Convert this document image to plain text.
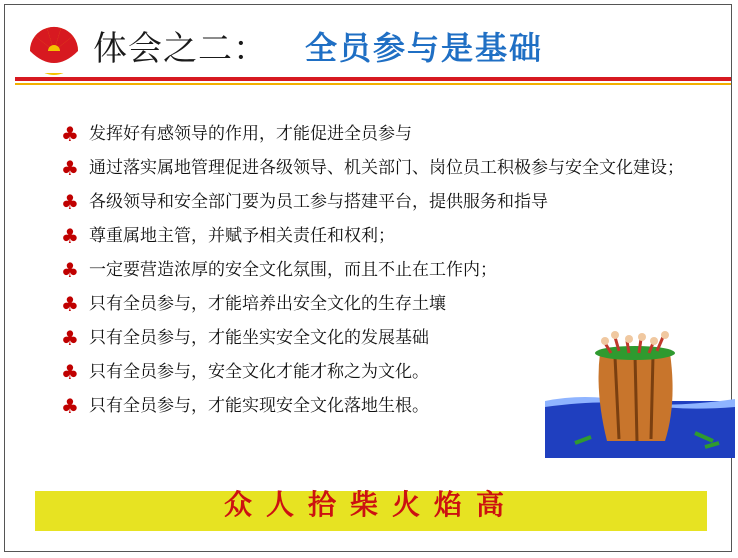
体会之二： 全员参与是基础
♣ 发挥好有感领导的作用，才能促进全员参与
♣ 通过落实属地管理促进各级领导、机关部门、岗位员工积极参与安全文化建设；
♣ 各级领导和安全部门要为员工参与搭建平台，提供服务和指导
♣ 尊重属地主管，并赋予相关责任和权利；
♣ 一定要营造浓厚的安全文化氛围，而且不止在工作内；
♣ 只有全员参与，才能培养出安全文化的生存土壤
♣ 只有全员参与，才能坐实安全文化的发展基础
♣ 只有全员参与，安全文化才能才称之为文化。
♣ 只有全员参与，才能实现安全文化落地生根。
众人拾柴火焰高
